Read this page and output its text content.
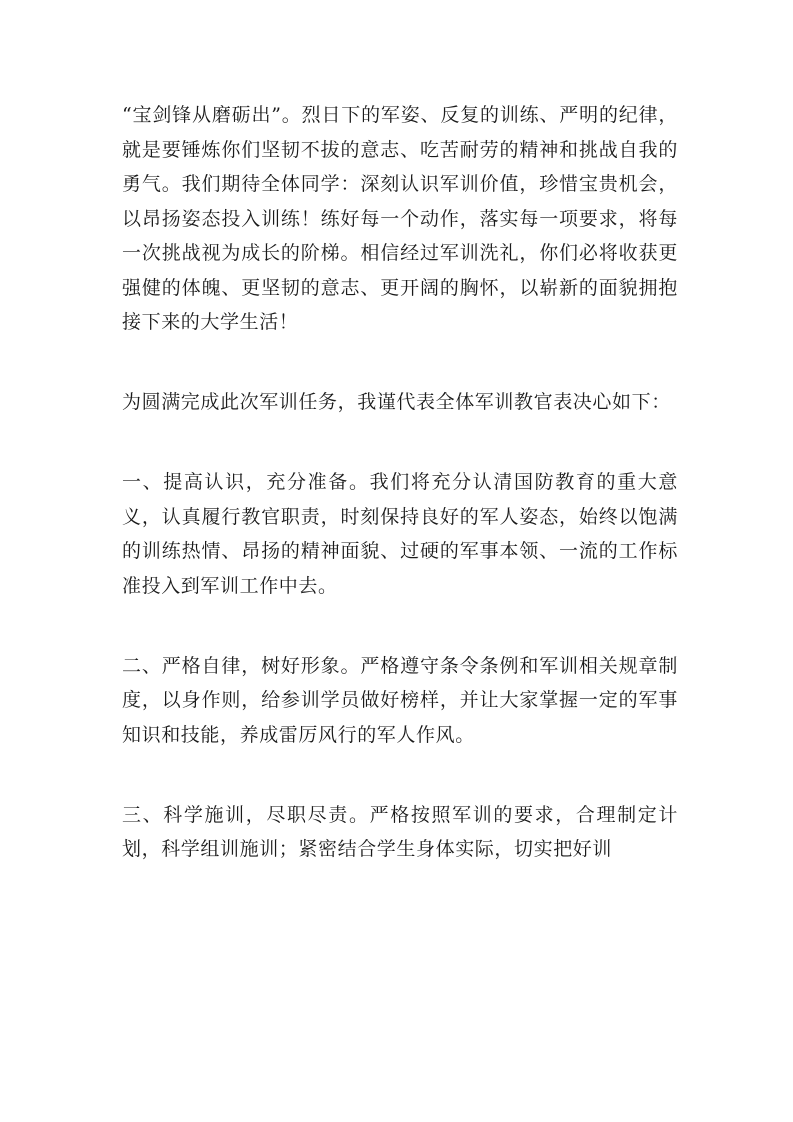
“宝剑锋从磨砺出”。烈日下的军姿、反复的训练、严明的纪律，就是要锤炼你们坚韧不拔的意志、吃苦耐劳的精神和挑战自我的勇气。我们期待全体同学：深刻认识军训价值，珍惜宝贵机会，以昂扬姿态投入训练！练好每一个动作，落实每一项要求，将每一次挑战视为成长的阶梯。相信经过军训洗礼，你们必将收获更强健的体魄、更坚韧的意志、更开阔的胸怀，以崭新的面貌拥抱接下来的大学生活！

为圆满完成此次军训任务，我谨代表全体军训教官表决心如下：

一、提高认识，充分准备。我们将充分认清国防教育的重大意义，认真履行教官职责，时刻保持良好的军人姿态，始终以饱满的训练热情、昂扬的精神面貌、过硬的军事本领、一流的工作标准投入到军训工作中去。

二、严格自律，树好形象。严格遵守条令条例和军训相关规章制度，以身作则，给参训学员做好榜样，并让大家掌握一定的军事知识和技能，养成雷厉风行的军人作风。

三、科学施训，尽职尽责。严格按照军训的要求，合理制定计划，科学组训施训；紧密结合学生身体实际，切实把好训
